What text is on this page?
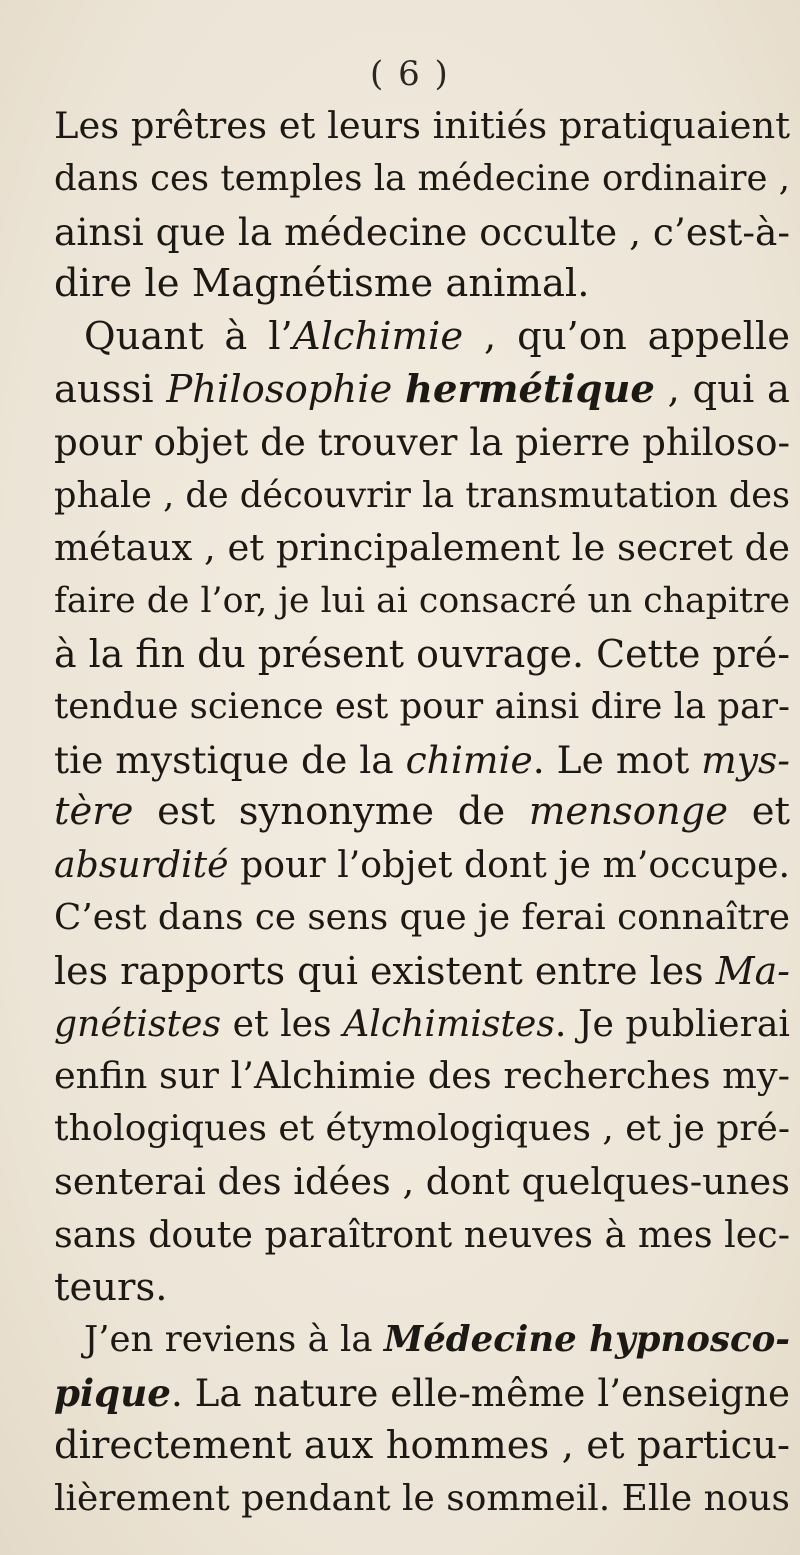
( 6 )
Les prêtres et leurs initiés pratiquaient
dans ces temples la médecine ordinaire ,
ainsi que la médecine occulte , c’est-à-
dire le Magnétisme animal.
Quant à l’Alchimie , qu’on appelle
aussi Philosophie hermétique , qui a
pour objet de trouver la pierre philoso-
phale , de découvrir la transmutation des
métaux , et principalement le secret de
faire de l’or, je lui ai consacré un chapitre
à la fin du présent ouvrage. Cette pré-
tendue science est pour ainsi dire la par-
tie mystique de la chimie. Le mot mys-
tère est synonyme de mensonge et
absurdité pour l’objet dont je m’occupe.
C’est dans ce sens que je ferai connaître
les rapports qui existent entre les Ma-
gnétistes et les Alchimistes. Je publierai
enfin sur l’Alchimie des recherches my-
thologiques et étymologiques , et je pré-
senterai des idées , dont quelques-unes
sans doute paraîtront neuves à mes lec-
teurs.
J’en reviens à la Médecine hypnosco-
pique. La nature elle-même l’enseigne
directement aux hommes , et particu-
lièrement pendant le sommeil. Elle nous
